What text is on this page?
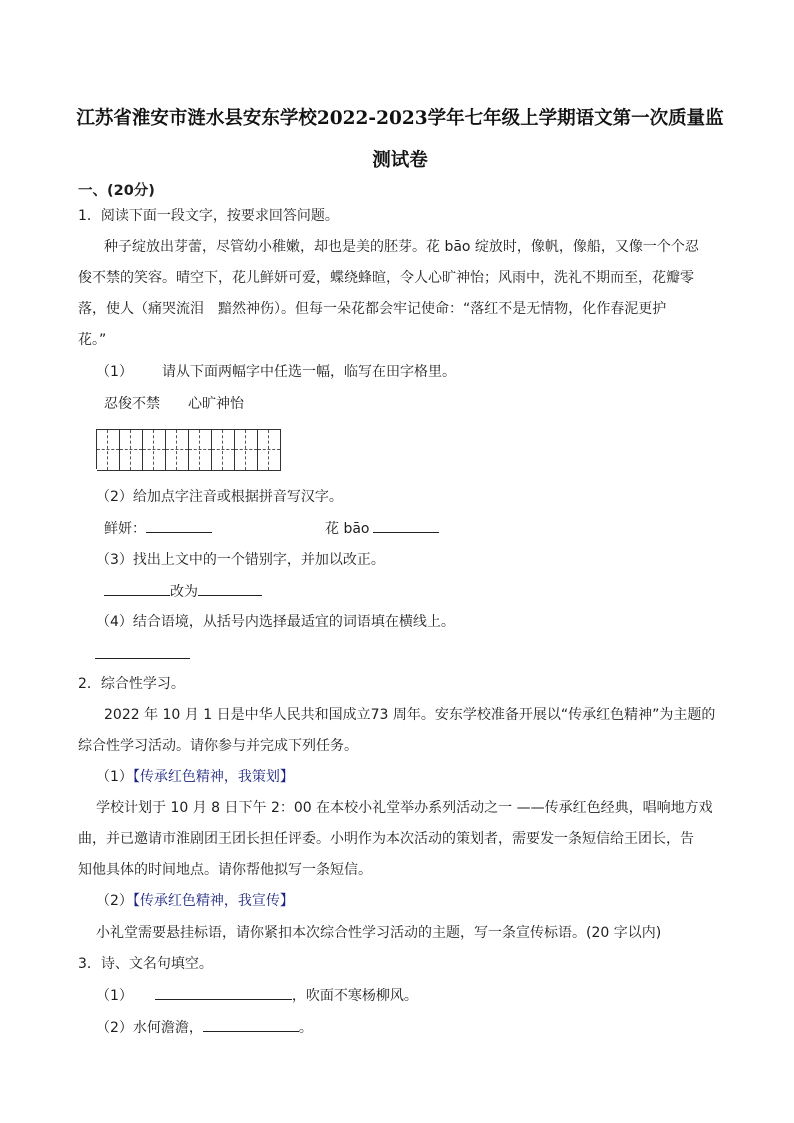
江苏省淮安市涟水县安东学校2022-2023学年七年级上学期语文第一次质量监
测试卷
一、(20分)
1．阅读下面一段文字，按要求回答问题。
种子绽放出芽蕾，尽管幼小稚嫩，却也是美的胚芽。花 bāo 绽放时，像帆，像船，又像一个个忍
俊不禁的笑容。晴空下，花儿鲜妍可爱，蝶绕蜂暄，令人心旷神怡；风雨中，洗礼不期而至，花瓣零
落，使人（痛哭流泪　黯然神伤）。但每一朵花都会牢记使命：“落红不是无情物，化作春泥更护
花。”
（1） 请从下面两幅字中任选一幅，临写在田字格里。
忍俊不禁　　心旷神怡
（2）给加点字注音或根据拼音写汉字。
鲜妍：	花 bāo
（3）找出上文中的一个错别字，并加以改正。
改为
（4）结合语境，从括号内选择最适宜的词语填在横线上。
2．综合性学习。
2022 年 10 月 1 日是中华人民共和国成立73 周年。安东学校准备开展以“传承红色精神”为主题的
综合性学习活动。请你参与并完成下列任务。
（1）【传承红色精神，我策划】
学校计划于 10 月 8 日下午 2：00 在本校小礼堂举办系列活动之一 ——传承红色经典，唱响地方戏
曲，并已邀请市淮剧团王团长担任评委。小明作为本次活动的策划者，需要发一条短信给王团长，告
知他具体的时间地点。请你帮他拟写一条短信。
（2）【传承红色精神，我宣传】
小礼堂需要悬挂标语，请你紧扣本次综合性学习活动的主题，写一条宣传标语。(20 字以内)
3．诗、文名句填空。
（1）	，吹面不寒杨柳风。
（2）水何澹澹，	。
